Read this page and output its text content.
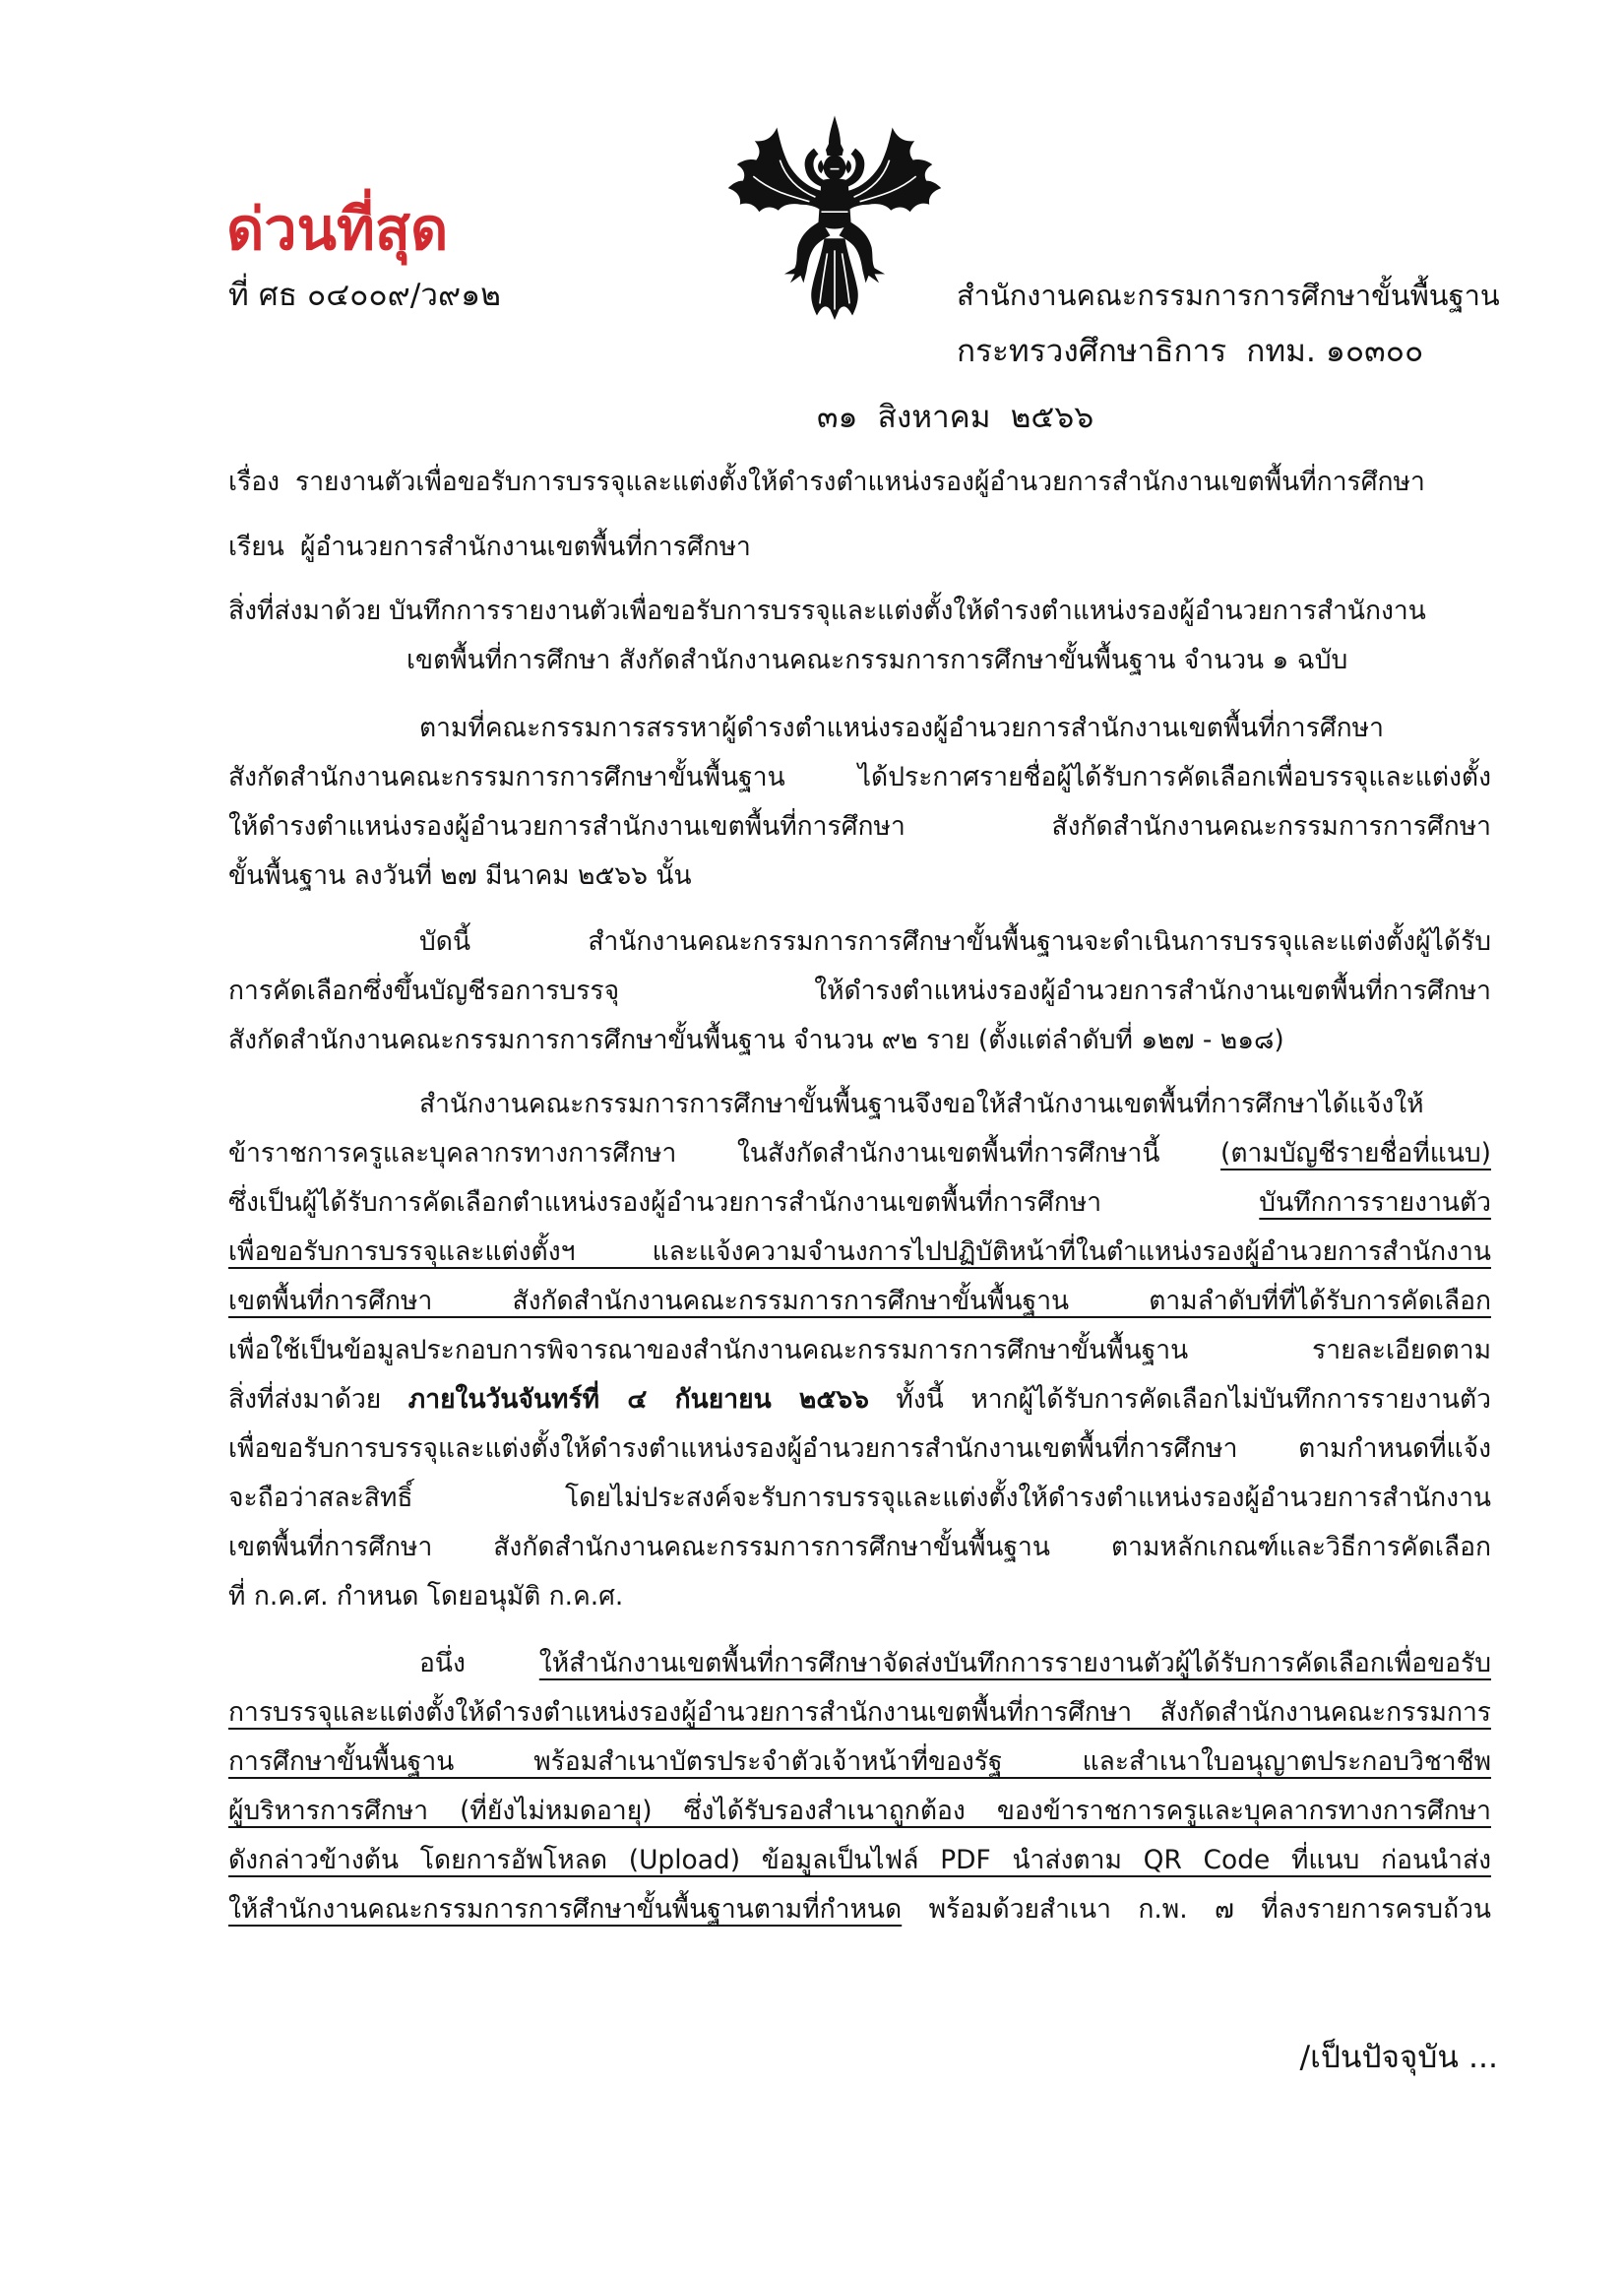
ด่วนที่สุด
ที่ ศธ ๐๔๐๐๙/ว๙๑๒	สำนักงานคณะกรรมการการศึกษาขั้นพื้นฐาน
กระทรวงศึกษาธิการ  กทม. ๑๐๓๐๐
๓๑  สิงหาคม  ๒๕๖๖
เรื่อง รายงานตัวเพื่อขอรับการบรรจุและแต่งตั้งให้ดำรงตำแหน่งรองผู้อำนวยการสำนักงานเขตพื้นที่การศึกษา
เรียน ผู้อำนวยการสำนักงานเขตพื้นที่การศึกษา
สิ่งที่ส่งมาด้วย บันทึกการรายงานตัวเพื่อขอรับการบรรจุและแต่งตั้งให้ดำรงตำแหน่งรองผู้อำนวยการสำนักงาน
เขตพื้นที่การศึกษา สังกัดสำนักงานคณะกรรมการการศึกษาขั้นพื้นฐาน จำนวน ๑ ฉบับ
ตามที่คณะกรรมการสรรหาผู้ดำรงตำแหน่งรองผู้อำนวยการสำนักงานเขตพื้นที่การศึกษา
สังกัดสำนักงานคณะกรรมการการศึกษาขั้นพื้นฐาน ได้ประกาศรายชื่อผู้ได้รับการคัดเลือกเพื่อบรรจุและแต่งตั้ง
ให้ดำรงตำแหน่งรองผู้อำนวยการสำนักงานเขตพื้นที่การศึกษา สังกัดสำนักงานคณะกรรมการการศึกษา
ขั้นพื้นฐาน ลงวันที่ ๒๗ มีนาคม ๒๕๖๖ นั้น
บัดนี้ สำนักงานคณะกรรมการการศึกษาขั้นพื้นฐานจะดำเนินการบรรจุและแต่งตั้งผู้ได้รับ
การคัดเลือกซึ่งขึ้นบัญชีรอการบรรจุ ให้ดำรงตำแหน่งรองผู้อำนวยการสำนักงานเขตพื้นที่การศึกษา
สังกัดสำนักงานคณะกรรมการการศึกษาขั้นพื้นฐาน จำนวน ๙๒ ราย (ตั้งแต่ลำดับที่ ๑๒๗ - ๒๑๘)
สำนักงานคณะกรรมการการศึกษาขั้นพื้นฐานจึงขอให้สำนักงานเขตพื้นที่การศึกษาได้แจ้งให้
ข้าราชการครูและบุคลากรทางการศึกษา ในสังกัดสำนักงานเขตพื้นที่การศึกษานี้ (ตามบัญชีรายชื่อที่แนบ)
ซึ่งเป็นผู้ได้รับการคัดเลือกตำแหน่งรองผู้อำนวยการสำนักงานเขตพื้นที่การศึกษา บันทึกการรายงานตัว
เพื่อขอรับการบรรจุและแต่งตั้งฯ และแจ้งความจำนงการไปปฏิบัติหน้าที่ในตำแหน่งรองผู้อำนวยการสำนักงาน
เขตพื้นที่การศึกษา สังกัดสำนักงานคณะกรรมการการศึกษาขั้นพื้นฐาน ตามลำดับที่ที่ได้รับการคัดเลือก
เพื่อใช้เป็นข้อมูลประกอบการพิจารณาของสำนักงานคณะกรรมการการศึกษาขั้นพื้นฐาน รายละเอียดตาม
สิ่งที่ส่งมาด้วย ภายในวันจันทร์ที่ ๔ กันยายน ๒๕๖๖ ทั้งนี้ หากผู้ได้รับการคัดเลือกไม่บันทึกการรายงานตัว
เพื่อขอรับการบรรจุและแต่งตั้งให้ดำรงตำแหน่งรองผู้อำนวยการสำนักงานเขตพื้นที่การศึกษา ตามกำหนดที่แจ้ง
จะถือว่าสละสิทธิ์ โดยไม่ประสงค์จะรับการบรรจุและแต่งตั้งให้ดำรงตำแหน่งรองผู้อำนวยการสำนักงาน
เขตพื้นที่การศึกษา สังกัดสำนักงานคณะกรรมการการศึกษาขั้นพื้นฐาน ตามหลักเกณฑ์และวิธีการคัดเลือก
ที่ ก.ค.ศ. กำหนด โดยอนุมัติ ก.ค.ศ.
อนึ่ง ให้สำนักงานเขตพื้นที่การศึกษาจัดส่งบันทึกการรายงานตัวผู้ได้รับการคัดเลือกเพื่อขอรับ
การบรรจุและแต่งตั้งให้ดำรงตำแหน่งรองผู้อำนวยการสำนักงานเขตพื้นที่การศึกษา สังกัดสำนักงานคณะกรรมการ
การศึกษาขั้นพื้นฐาน พร้อมสำเนาบัตรประจำตัวเจ้าหน้าที่ของรัฐ และสำเนาใบอนุญาตประกอบวิชาชีพ
ผู้บริหารการศึกษา (ที่ยังไม่หมดอายุ) ซึ่งได้รับรองสำเนาถูกต้อง ของข้าราชการครูและบุคลากรทางการศึกษา
ดังกล่าวข้างต้น โดยการอัพโหลด (Upload) ข้อมูลเป็นไฟล์ PDF นำส่งตาม QR Code ที่แนบ ก่อนนำส่ง
ให้สำนักงานคณะกรรมการการศึกษาขั้นพื้นฐานตามที่กำหนด พร้อมด้วยสำเนา ก.พ. ๗ ที่ลงรายการครบถ้วน
/เป็นปัจจุบัน ...
